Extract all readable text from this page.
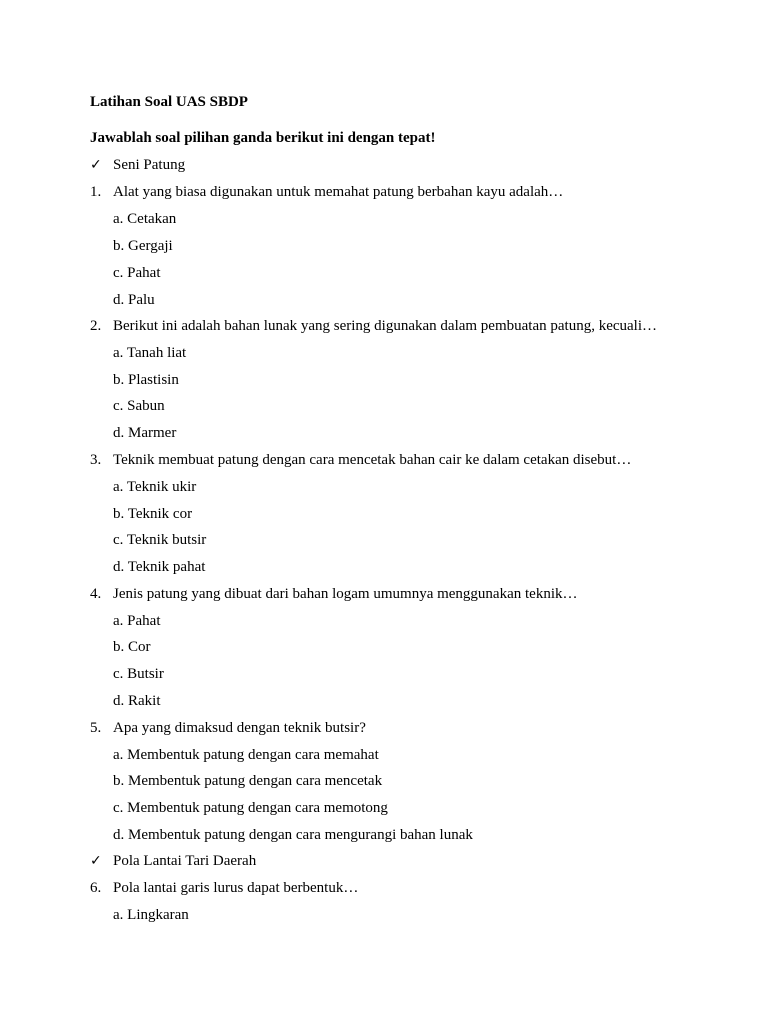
Latihan Soal UAS SBDP
Jawablah soal pilihan ganda berikut ini dengan tepat!
✓ Seni Patung
1. Alat yang biasa digunakan untuk memahat patung berbahan kayu adalah…
a. Cetakan
b. Gergaji
c. Pahat
d. Palu
2. Berikut ini adalah bahan lunak yang sering digunakan dalam pembuatan patung, kecuali…
a. Tanah liat
b. Plastisin
c. Sabun
d. Marmer
3. Teknik membuat patung dengan cara mencetak bahan cair ke dalam cetakan disebut…
a. Teknik ukir
b. Teknik cor
c. Teknik butsir
d. Teknik pahat
4. Jenis patung yang dibuat dari bahan logam umumnya menggunakan teknik…
a. Pahat
b. Cor
c. Butsir
d. Rakit
5. Apa yang dimaksud dengan teknik butsir?
a. Membentuk patung dengan cara memahat
b. Membentuk patung dengan cara mencetak
c. Membentuk patung dengan cara memotong
d. Membentuk patung dengan cara mengurangi bahan lunak
✓ Pola Lantai Tari Daerah
6. Pola lantai garis lurus dapat berbentuk…
a. Lingkaran
